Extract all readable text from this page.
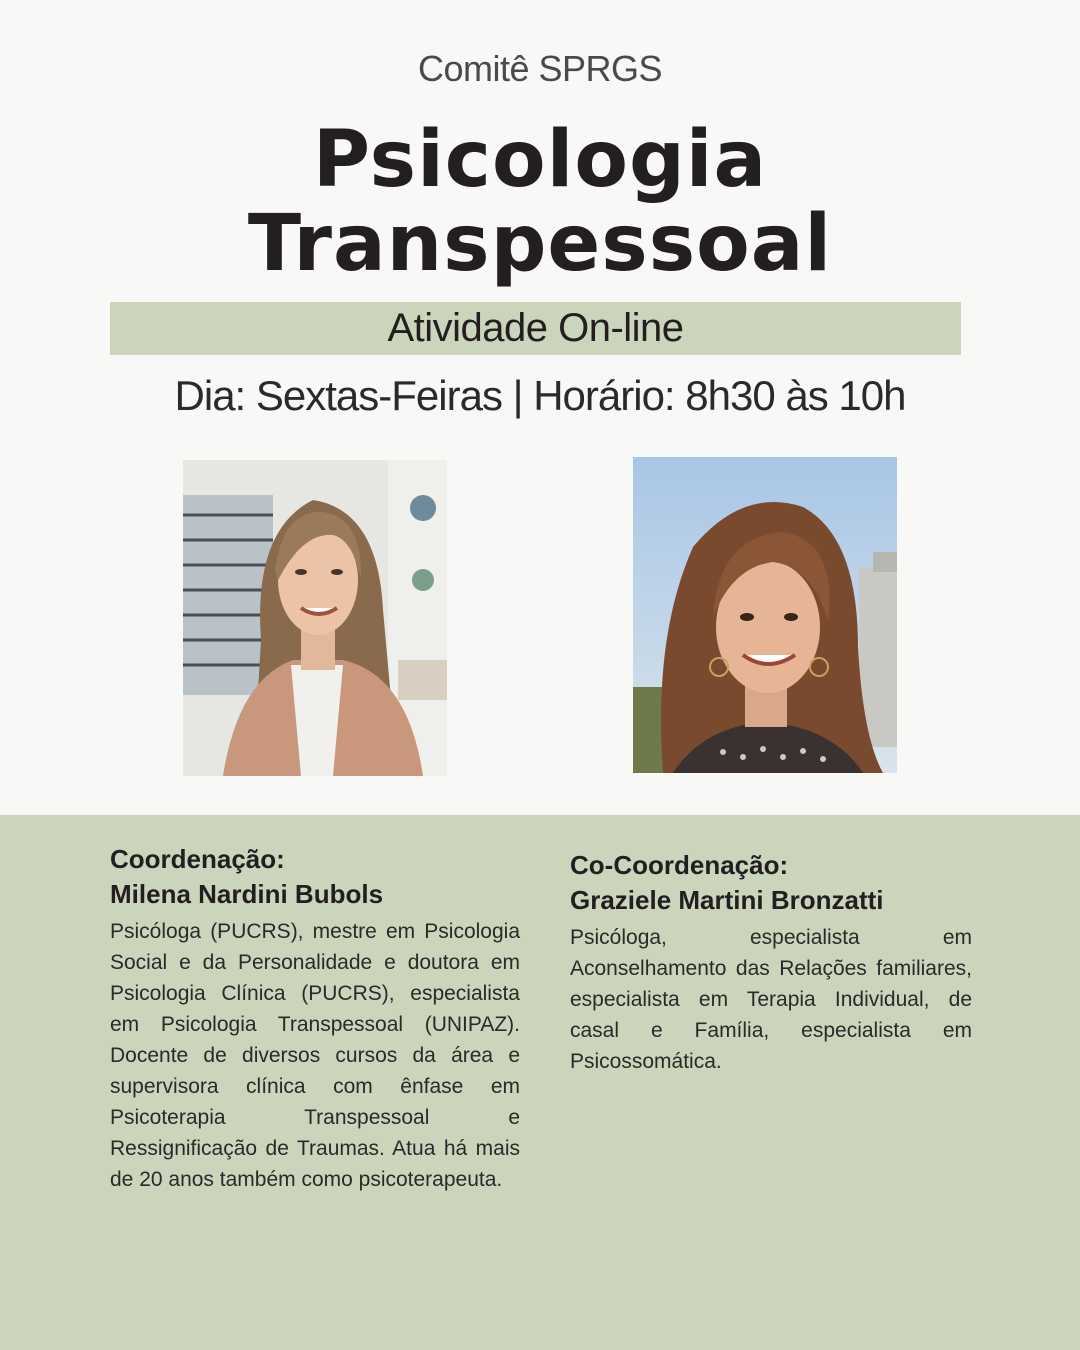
Comitê SPRGS
Psicologia
Transpessoal
Atividade On-line
Dia: Sextas-Feiras | Horário: 8h30 às 10h
Coordenação:
Milena Nardini Bubols
Psicóloga (PUCRS), mestre em Psicologia Social e da Personalidade e doutora em Psicologia Clínica (PUCRS), especialista em Psicologia Transpessoal (UNIPAZ). Docente de diversos cursos da área e supervisora clínica com ênfase em Psicoterapia Transpessoal e Ressignificação de Traumas. Atua há mais de 20 anos também como psicoterapeuta.
Co-Coordenação:
Graziele Martini Bronzatti
Psicóloga, especialista em Aconselhamento das Relações familiares, especialista em Terapia Individual, de casal e Família, especialista em Psicossomática.
